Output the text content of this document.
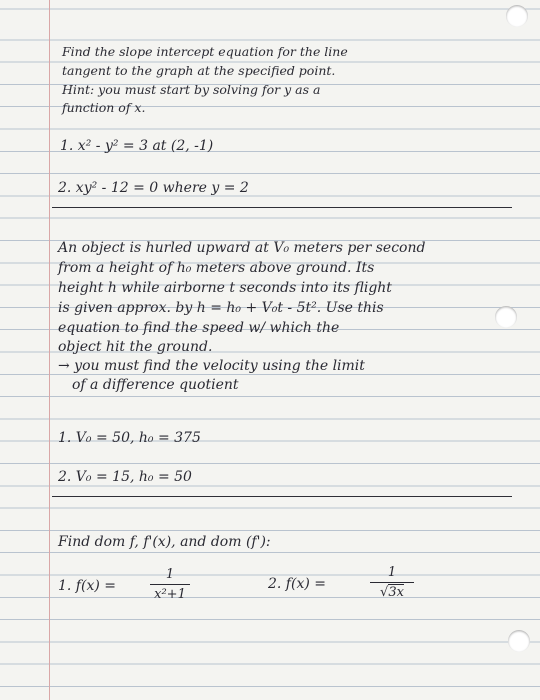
Find the slope intercept equation for the line
tangent to the graph at the specified point.
Hint: you must start by solving for y as a
function of x.
1. x² - y² = 3 at (2, -1)
2. xy² - 12 = 0 where y = 2
An object is hurled upward at V₀ meters per second
from a height of h₀ meters above ground. Its
height h while airborne t seconds into its flight
is given approx. by h = h₀ + V₀t - 5t². Use this
equation to find the speed w/ which the
object hit the ground.
→ you must find the velocity using the limit
of a difference quotient
1. V₀ = 50, h₀ = 375
2. V₀ = 15, h₀ = 50
Find dom f, f'(x), and dom (f'):
1. f(x) =
1
x²+1
2. f(x) =
1
√3x
